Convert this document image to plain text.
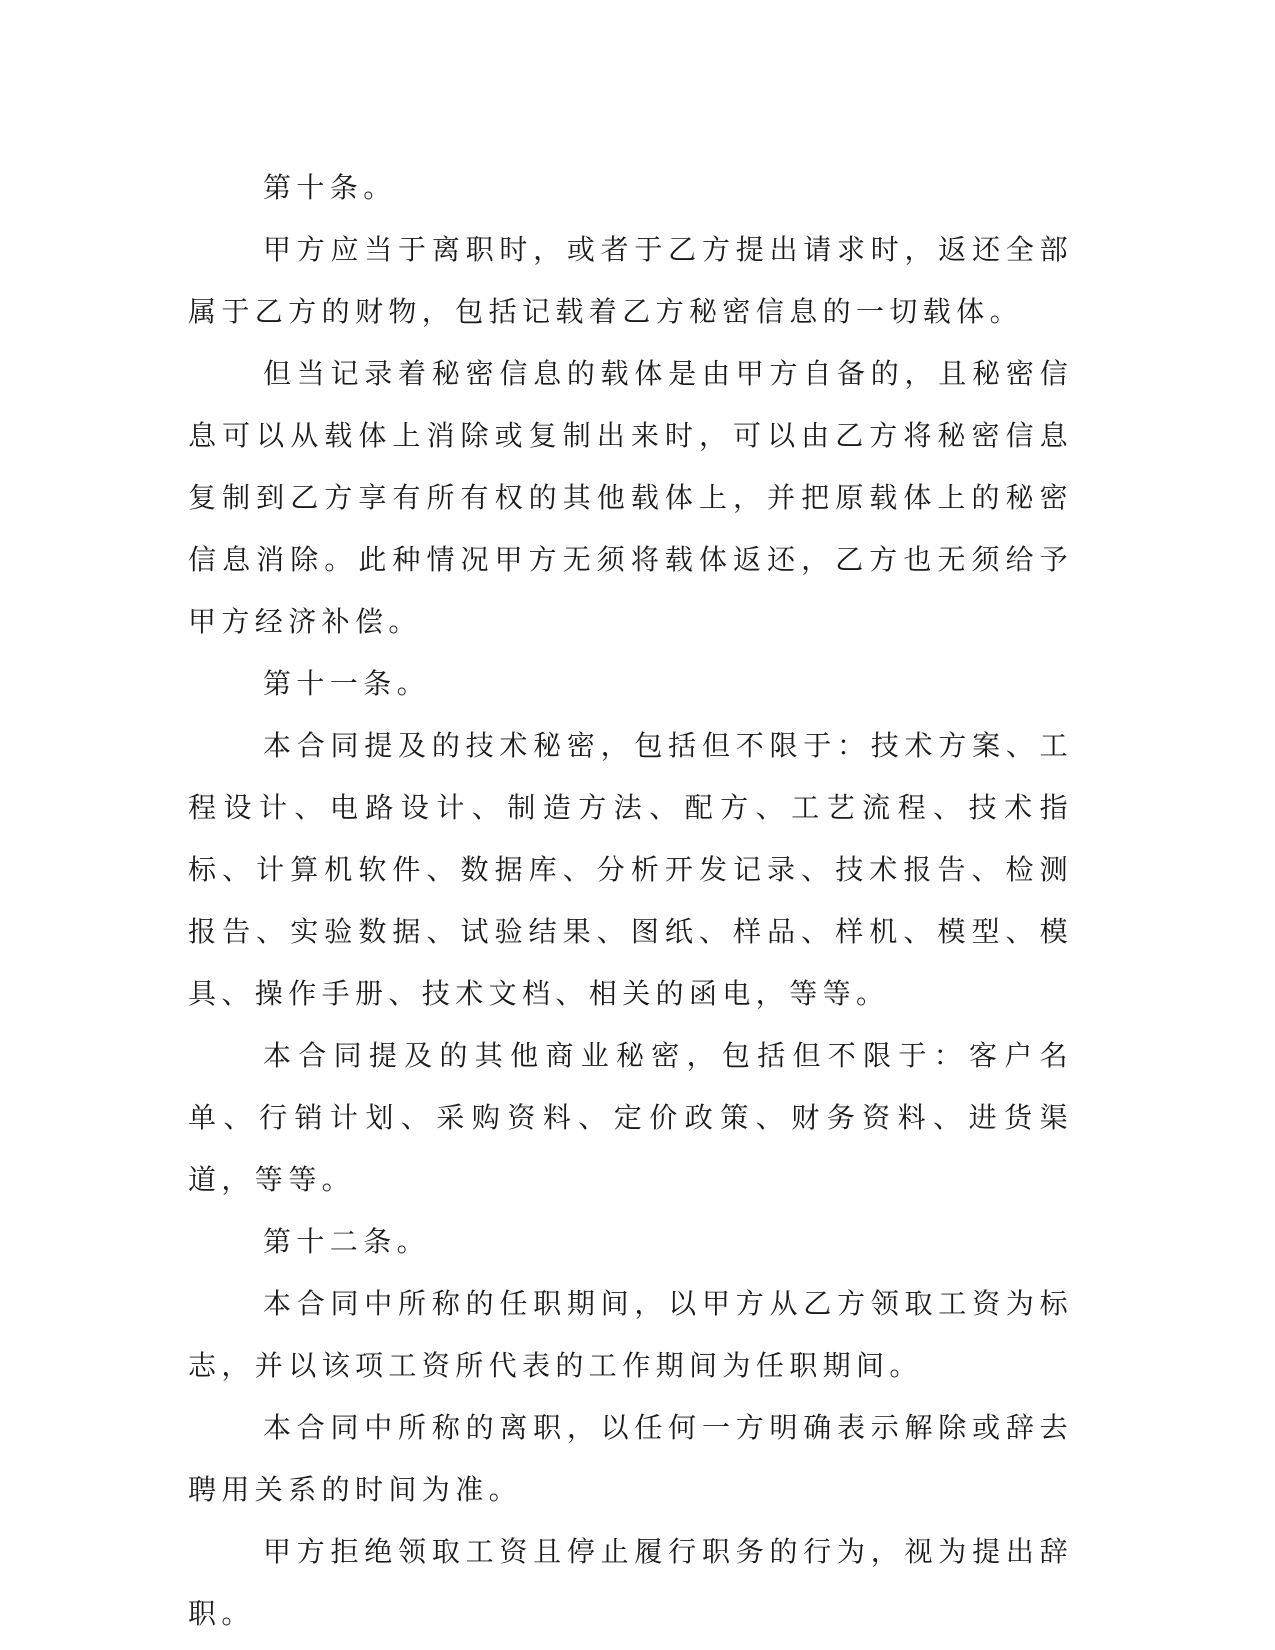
第十条。

甲方应当于离职时，或者于乙方提出请求时，返还全部属于乙方的财物，包括记载着乙方秘密信息的一切载体。

但当记录着秘密信息的载体是由甲方自备的，且秘密信息可以从载体上消除或复制出来时，可以由乙方将秘密信息复制到乙方享有所有权的其他载体上，并把原载体上的秘密信息消除。此种情况甲方无须将载体返还，乙方也无须给予甲方经济补偿。

第十一条。

本合同提及的技术秘密，包括但不限于：技术方案、工程设计、电路设计、制造方法、配方、工艺流程、技术指标、计算机软件、数据库、分析开发记录、技术报告、检测报告、实验数据、试验结果、图纸、样品、样机、模型、模具、操作手册、技术文档、相关的函电，等等。

本合同提及的其他商业秘密，包括但不限于：客户名单、行销计划、采购资料、定价政策、财务资料、进货渠道，等等。

第十二条。

本合同中所称的任职期间，以甲方从乙方领取工资为标志，并以该项工资所代表的工作期间为任职期间。

本合同中所称的离职，以任何一方明确表示解除或辞去聘用关系的时间为准。

甲方拒绝领取工资且停止履行职务的行为，视为提出辞职。
